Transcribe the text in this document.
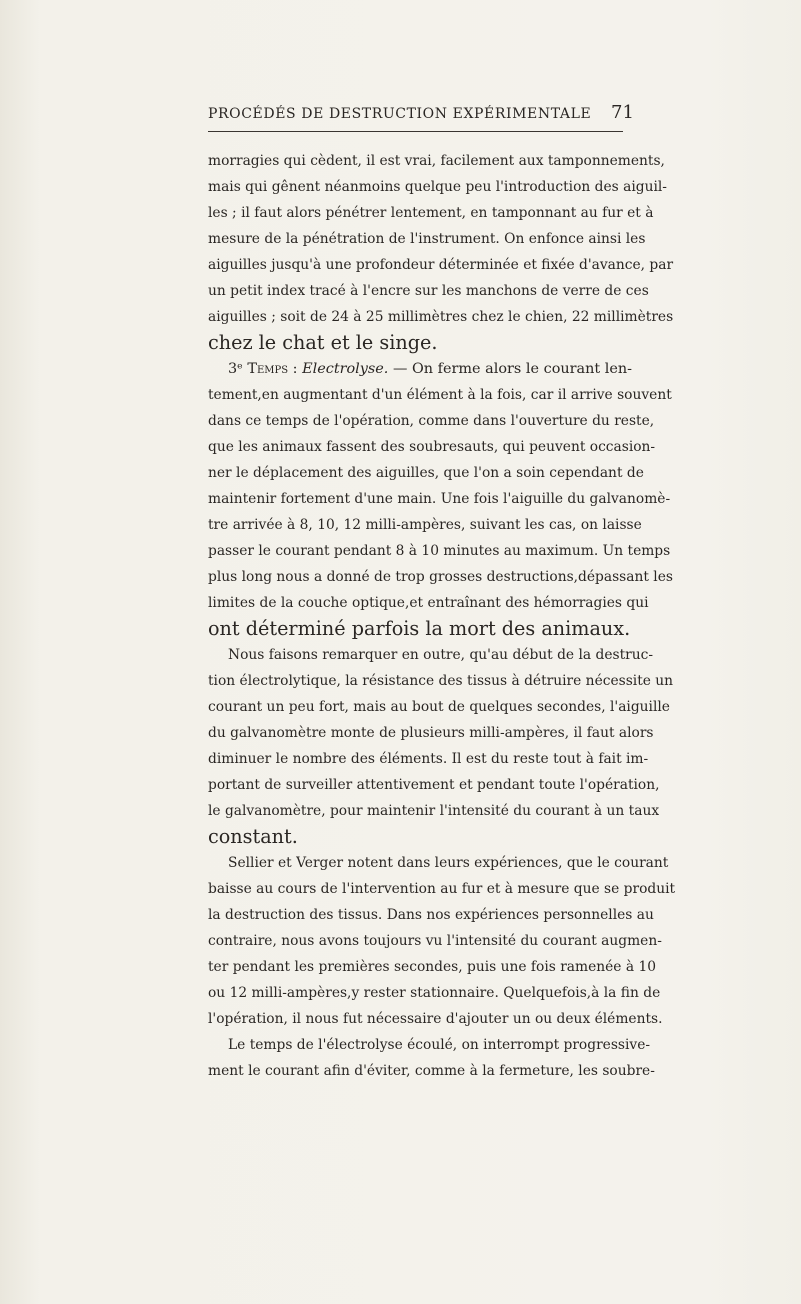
PROCÉDÉS DE DESTRUCTION EXPÉRIMENTALE 71
morragies qui cèdent, il est vrai, facilement aux tamponnements,
mais qui gênent néanmoins quelque peu l'introduction des aiguil-
les ; il faut alors pénétrer lentement, en tamponnant au fur et à
mesure de la pénétration de l'instrument. On enfonce ainsi les
aiguilles jusqu'à une profondeur déterminée et fixée d'avance, par
un petit index tracé à l'encre sur les manchons de verre de ces
aiguilles ; soit de 24 à 25 millimètres chez le chien, 22 millimètres
chez le chat et le singe.
3ᵉ Temps : Electrolyse. — On ferme alors le courant len-
tement,en augmentant d'un élément à la fois, car il arrive souvent
dans ce temps de l'opération, comme dans l'ouverture du reste,
que les animaux fassent des soubresauts, qui peuvent occasion-
ner le déplacement des aiguilles, que l'on a soin cependant de
maintenir fortement d'une main. Une fois l'aiguille du galvanomè-
tre arrivée à 8, 10, 12 milli-ampères, suivant les cas, on laisse
passer le courant pendant 8 à 10 minutes au maximum. Un temps
plus long nous a donné de trop grosses destructions,dépassant les
limites de la couche optique,et entraînant des hémorragies qui
ont déterminé parfois la mort des animaux.
Nous faisons remarquer en outre, qu'au début de la destruc-
tion électrolytique, la résistance des tissus à détruire nécessite un
courant un peu fort, mais au bout de quelques secondes, l'aiguille
du galvanomètre monte de plusieurs milli-ampères, il faut alors
diminuer le nombre des éléments. Il est du reste tout à fait im-
portant de surveiller attentivement et pendant toute l'opération,
le galvanomètre, pour maintenir l'intensité du courant à un taux
constant.
Sellier et Verger notent dans leurs expériences, que le courant
baisse au cours de l'intervention au fur et à mesure que se produit
la destruction des tissus. Dans nos expériences personnelles au
contraire, nous avons toujours vu l'intensité du courant augmen-
ter pendant les premières secondes, puis une fois ramenée à 10
ou 12 milli-ampères,y rester stationnaire. Quelquefois,à la fin de
l'opération, il nous fut nécessaire d'ajouter un ou deux éléments.
Le temps de l'électrolyse écoulé, on interrompt progressive-
ment le courant afin d'éviter, comme à la fermeture, les soubre-
